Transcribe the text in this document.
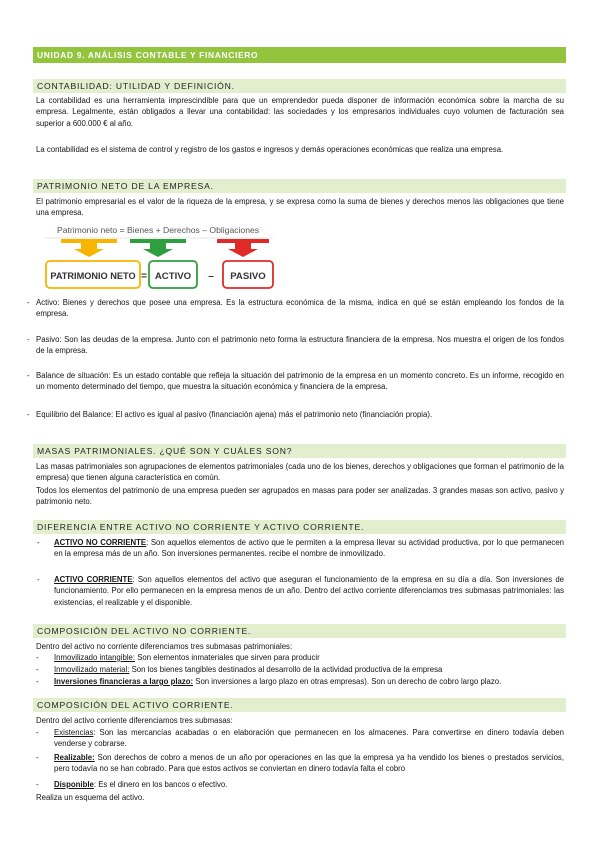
UNIDAD 9. ANÁLISIS CONTABLE Y FINANCIERO
CONTABILIDAD: UTILIDAD Y DEFINICIÓN.

La contabilidad es una herramienta imprescindible para que un emprendedor pueda disponer de información económica sobre la marcha de su empresa. Legalmente, están obligados a llevar una contabilidad: las sociedades y los empresarios individuales cuyo volumen de facturación sea superior a 600.000 € al año.

La contabilidad es el sistema de control y registro de los gastos e ingresos y demás operaciones económicas que realiza una empresa.

PATRIMONIO NETO DE LA EMPRESA.

El patrimonio empresarial es el valor de la riqueza de la empresa, y se expresa como la suma de bienes y derechos menos las obligaciones que tiene una empresa.

Patrimonio neto = Bienes + Derechos – Obligaciones
PATRIMONIO NETO = ACTIVO – PASIVO
- Activo: Bienes y derechos que posee una empresa. Es la estructura económica de la misma, indica en qué se están empleando los fondos de la empresa.
- Pasivo: Son las deudas de la empresa. Junto con el patrimonio neto forma la estructura financiera de la empresa. Nos muestra el origen de los fondos de la empresa.
- Balance de situación: Es un estado contable que refleja la situación del patrimonio de la empresa en un momento concreto. Es un informe, recogido en un momento determinado del tiempo, que muestra la situación económica y financiera de la empresa.
- Equilibrio del Balance: El activo es igual al pasivo (financiación ajena) más el patrimonio neto (financiación propia).
MASAS PATRIMONIALES. ¿QUÉ SON Y CUÁLES SON?

Las masas patrimoniales son agrupaciones de elementos patrimoniales (cada uno de los bienes, derechos y obligaciones que forman el patrimonio de la empresa) que tienen alguna característica en común.

Todos los elementos del patrimonio de una empresa pueden ser agrupados en masas para poder ser analizadas. 3 grandes masas son activo, pasivo y patrimonio neto.

DIFERENCIA ENTRE ACTIVO NO CORRIENTE Y ACTIVO CORRIENTE.
- ACTIVO NO CORRIENTE: Son aquellos elementos de activo que le permiten a la empresa llevar su actividad productiva, por lo que permanecen en la empresa más de un año. Son inversiones permanentes. recibe el nombre de inmovilizado.
- ACTIVO CORRIENTE: Son aquellos elementos del activo que aseguran el funcionamiento de la empresa en su día a día. Son inversiones de funcionamiento. Por ello permanecen en la empresa menos de un año. Dentro del activo corriente diferenciamos tres submasas patrimoniales: las existencias, el realizable y el disponible.
COMPOSICIÓN DEL ACTIVO NO CORRIENTE.

Dentro del activo no corriente diferenciamos tres submasas patrimoniales:

- Inmovilizado intangible: Son elementos inmateriales que sirven para producir
- Inmovilizado material: Son los bienes tangibles destinados al desarrollo de la actividad productiva de la empresa
- Inversiones financieras a largo plazo: Son inversiones a largo plazo en otras empresas). Son un derecho de cobro largo plazo.
COMPOSICIÓN DEL ACTIVO CORRIENTE.

Dentro del activo corriente diferenciamos tres submasas:

- Existencias: Son las mercancías acabadas o en elaboración que permanecen en los almacenes. Para convertirse en dinero todavía deben venderse y cobrarse.
- Realizable: Son derechos de cobro a menos de un año por operaciones en las que la empresa ya ha vendido los bienes o prestados servicios, pero todavía no se han cobrado. Para que estos activos se conviertan en dinero todavía falta el cobro
- Disponible: Es el dinero en los bancos o efectivo.

Realiza un esquema del activo.
